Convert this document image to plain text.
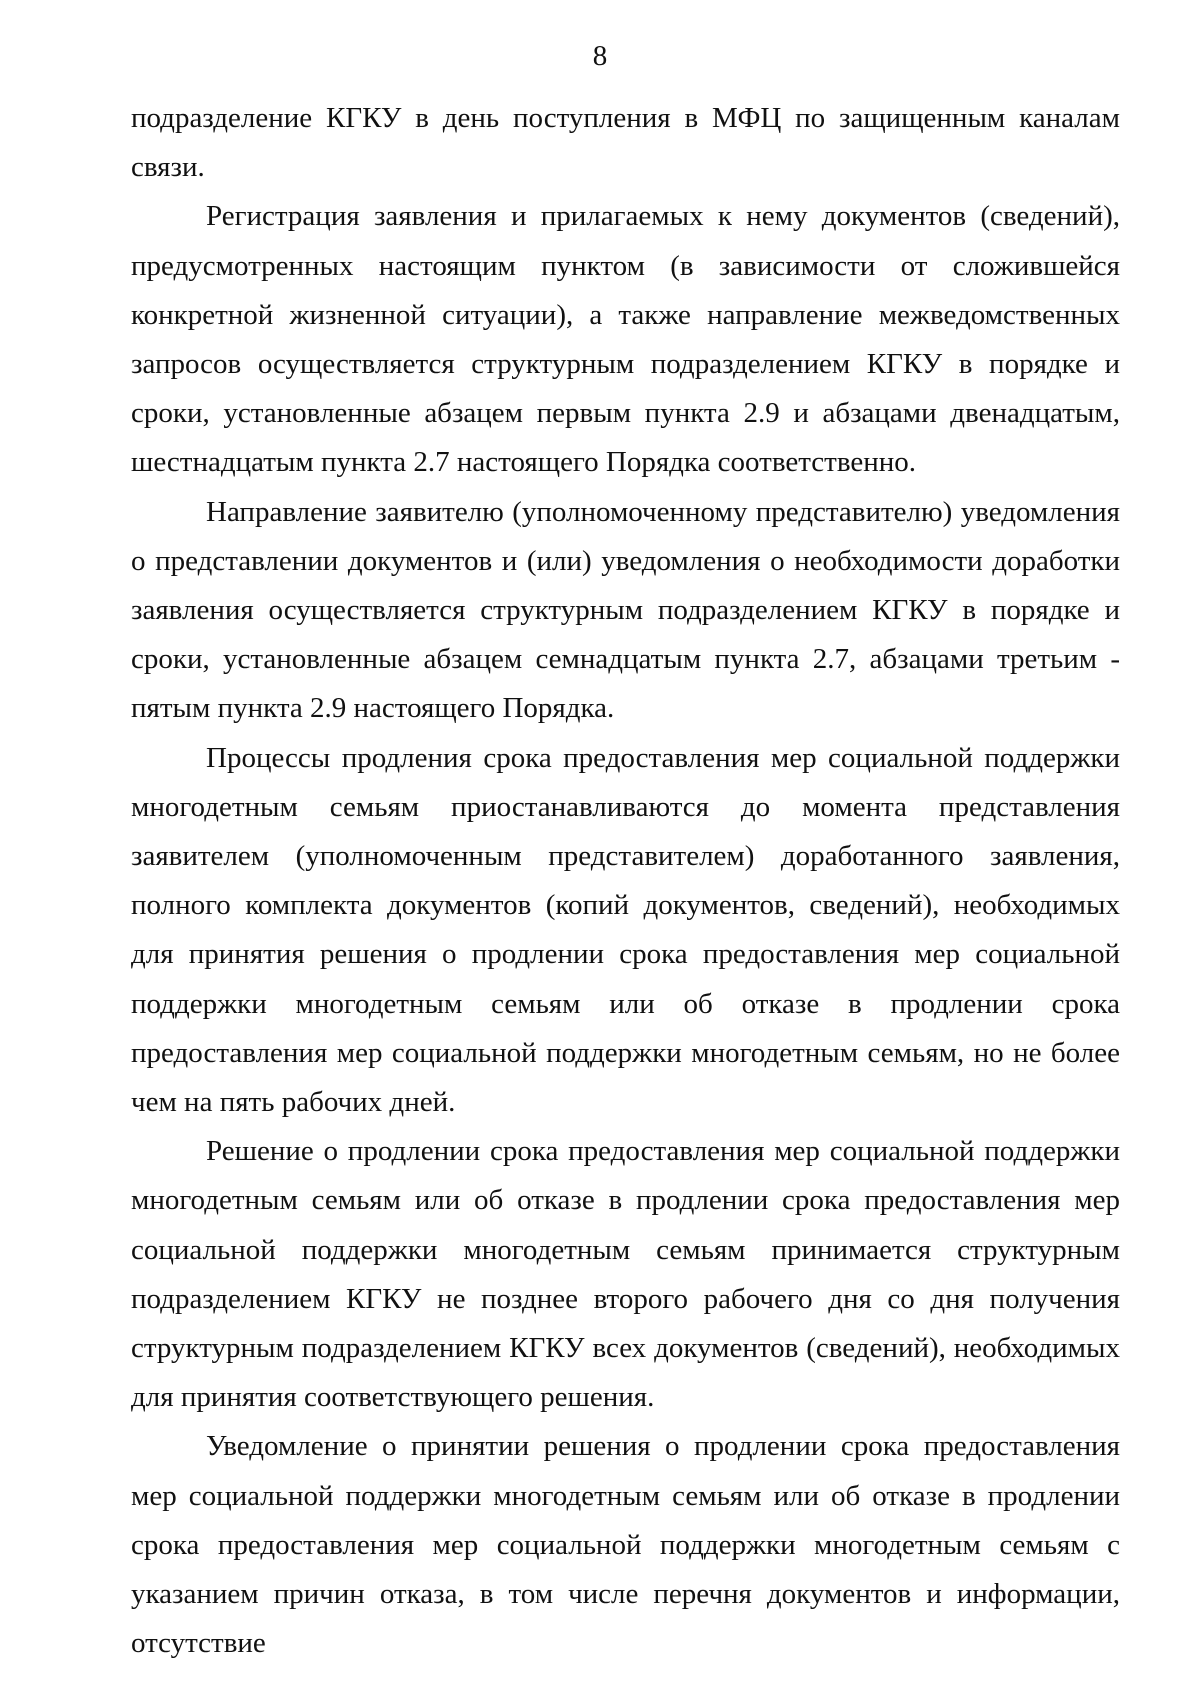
8

подразделение КГКУ в день поступления в МФЦ по защищенным каналам связи.

Регистрация заявления и прилагаемых к нему документов (сведений), предусмотренных настоящим пунктом (в зависимости от сложившейся конкретной жизненной ситуации), а также направление межведомственных запросов осуществляется структурным подразделением КГКУ в порядке и сроки, установленные абзацем первым пункта 2.9 и абзацами двенадцатым, шестнадцатым пункта 2.7 настоящего Порядка соответственно.

Направление заявителю (уполномоченному представителю) уведомления о представлении документов и (или) уведомления о необходимости доработки заявления осуществляется структурным подразделением КГКУ в порядке и сроки, установленные абзацем семнадцатым пункта 2.7, абзацами третьим - пятым пункта 2.9 настоящего Порядка.

Процессы продления срока предоставления мер социальной поддержки многодетным семьям приостанавливаются до момента представления заявителем (уполномоченным представителем) доработанного заявления, полного комплекта документов (копий документов, сведений), необходимых для принятия решения о продлении срока предоставления мер социальной поддержки многодетным семьям или об отказе в продлении срока предоставления мер социальной поддержки многодетным семьям, но не более чем на пять рабочих дней.

Решение о продлении срока предоставления мер социальной поддержки многодетным семьям или об отказе в продлении срока предоставления мер социальной поддержки многодетным семьям принимается структурным подразделением КГКУ не позднее второго рабочего дня со дня получения структурным подразделением КГКУ всех документов (сведений), необходимых для принятия соответствующего решения.

Уведомление о принятии решения о продлении срока предоставления мер социальной поддержки многодетным семьям или об отказе в продлении срока предоставления мер социальной поддержки многодетным семьям с указанием причин отказа, в том числе перечня документов и информации, отсутствие
